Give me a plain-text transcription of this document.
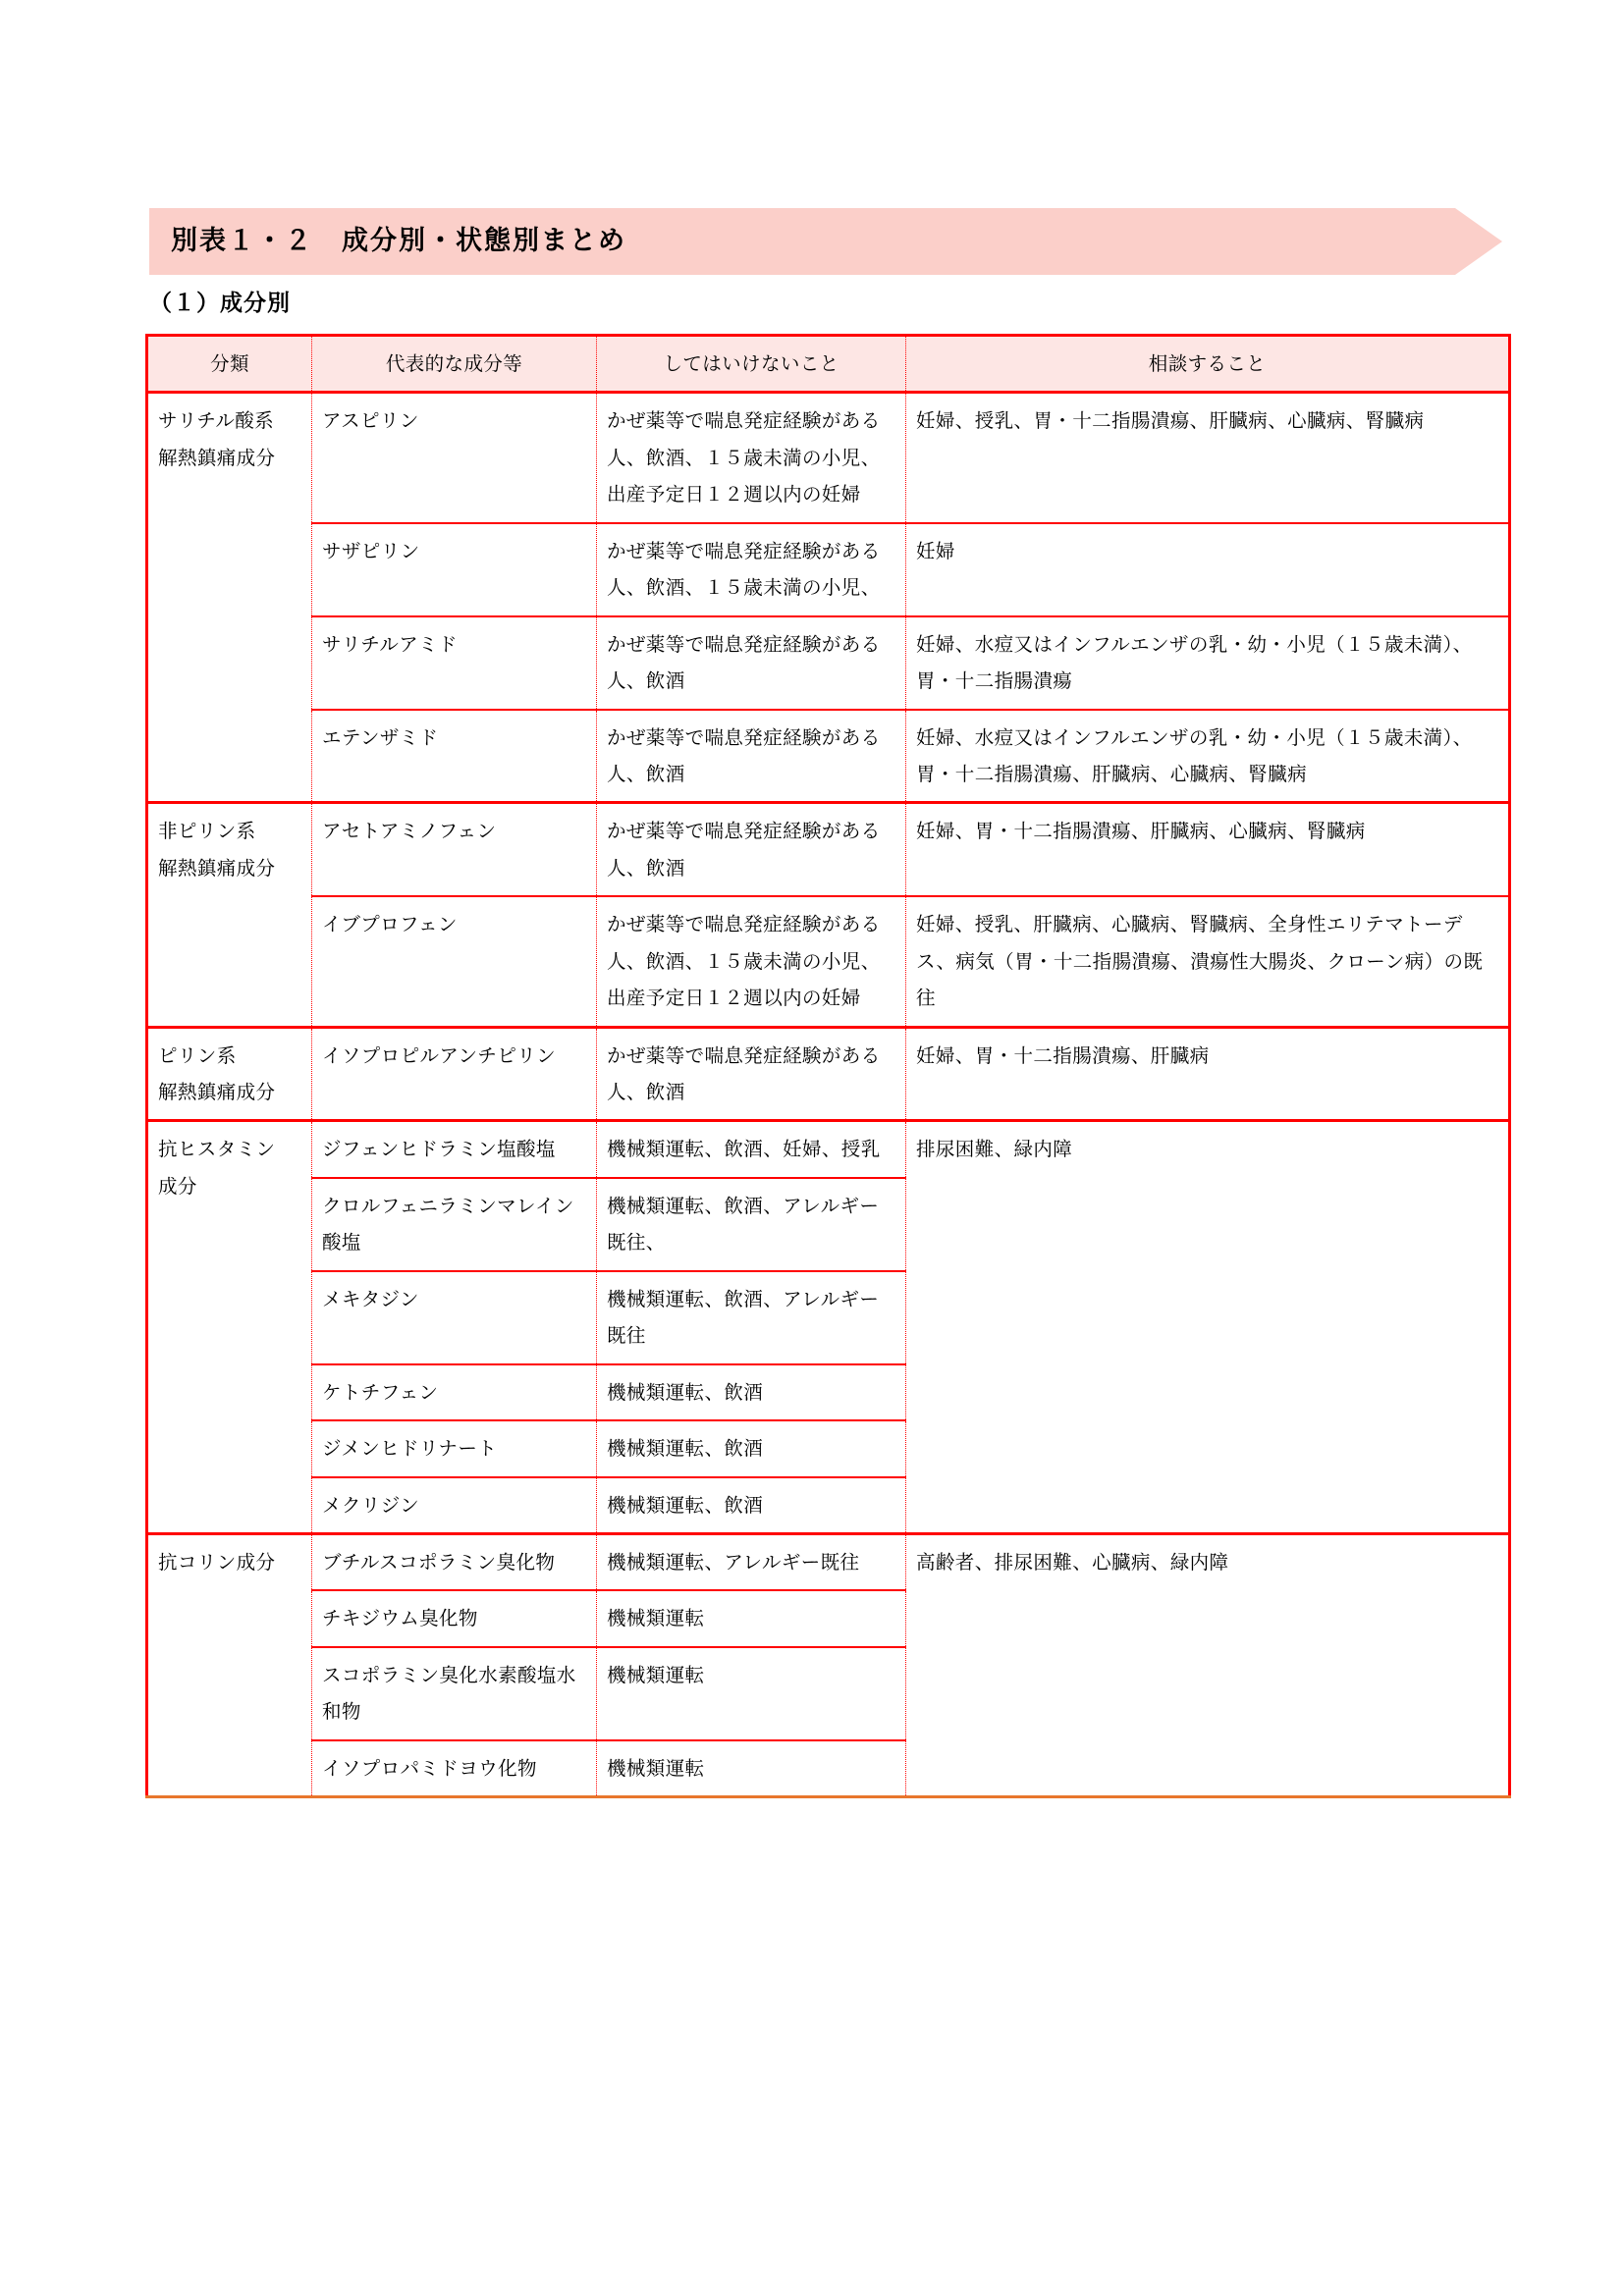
別表１・２　成分別・状態別まとめ
（１）成分別
分類	代表的な成分等	してはいけないこと	相談すること

サリチル酸系
解熱鎮痛成分	アスピリン	かぜ薬等で喘息発症経験がある人、飲酒、１５歳未満の小児、出産予定日１２週以内の妊婦	妊婦、授乳、胃・十二指腸潰瘍、肝臓病、心臓病、腎臓病
	サザピリン	かぜ薬等で喘息発症経験がある人、飲酒、１５歳未満の小児、	妊婦
	サリチルアミド	かぜ薬等で喘息発症経験がある人、飲酒	妊婦、水痘又はインフルエンザの乳・幼・小児（１５歳未満）、胃・十二指腸潰瘍
	エテンザミド	かぜ薬等で喘息発症経験がある人、飲酒	妊婦、水痘又はインフルエンザの乳・幼・小児（１５歳未満）、胃・十二指腸潰瘍、肝臓病、心臓病、腎臓病

非ピリン系
解熱鎮痛成分	アセトアミノフェン	かぜ薬等で喘息発症経験がある人、飲酒	妊婦、胃・十二指腸潰瘍、肝臓病、心臓病、腎臓病
	イブプロフェン	かぜ薬等で喘息発症経験がある人、飲酒、１５歳未満の小児、出産予定日１２週以内の妊婦	妊婦、授乳、肝臓病、心臓病、腎臓病、全身性エリテマトーデス、病気（胃・十二指腸潰瘍、潰瘍性大腸炎、クローン病）の既往

ピリン系
解熱鎮痛成分	イソプロピルアンチピリン	かぜ薬等で喘息発症経験がある人、飲酒	妊婦、胃・十二指腸潰瘍、肝臓病

抗ヒスタミン
成分	ジフェンヒドラミン塩酸塩	機械類運転、飲酒、妊婦、授乳	排尿困難、緑内障
	クロルフェニラミンマレイン酸塩	機械類運転、飲酒、アレルギー既往、	
	メキタジン	機械類運転、飲酒、アレルギー既往	
	ケトチフェン	機械類運転、飲酒	
	ジメンヒドリナート	機械類運転、飲酒	
	メクリジン	機械類運転、飲酒	

抗コリン成分	ブチルスコポラミン臭化物	機械類運転、アレルギー既往	高齢者、排尿困難、心臓病、緑内障
	チキジウム臭化物	機械類運転	
	スコポラミン臭化水素酸塩水和物	機械類運転	
	イソプロパミドヨウ化物	機械類運転	
